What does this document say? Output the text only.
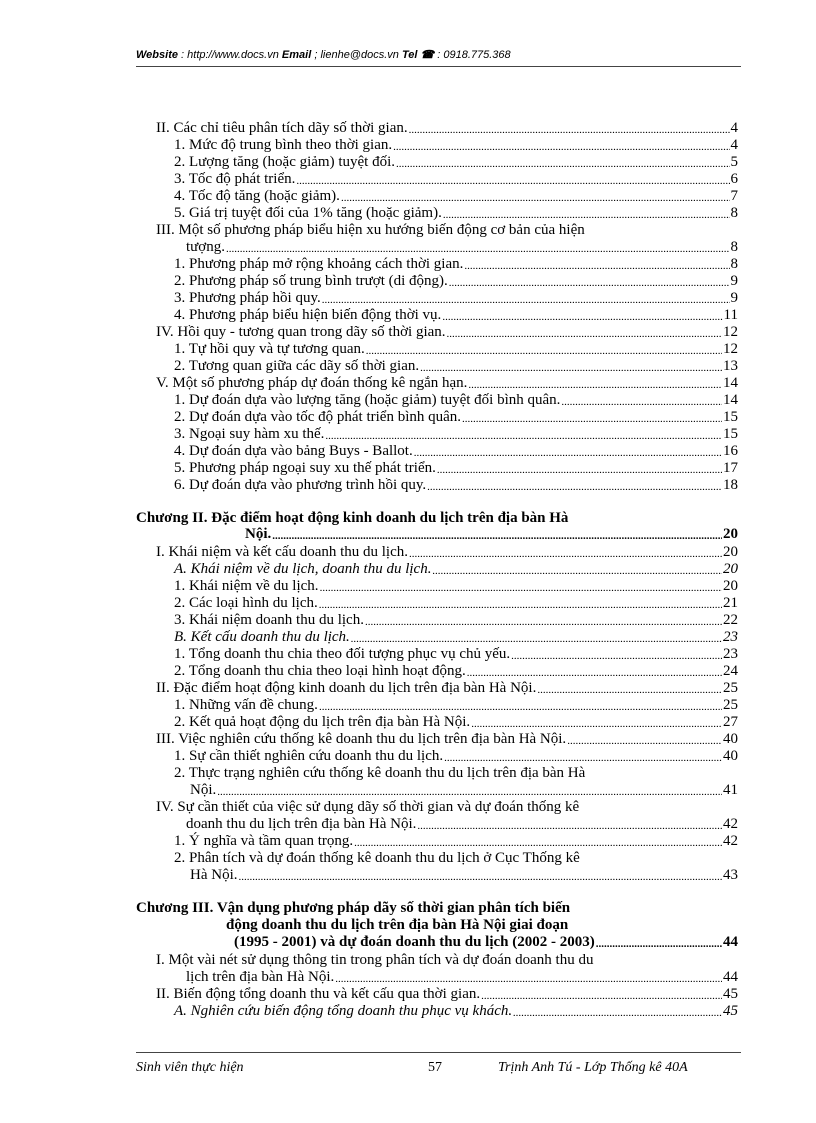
Website : http://www.docs.vn Email ; lienhe@docs.vn Tel ☎ : 0918.775.368
II. Các chỉ tiêu phân tích dãy số thời gian. .....	4
1. Mức độ trung bình theo thời gian. .....	4
2. Lượng tăng (hoặc giảm) tuyệt đối. .....	5
3. Tốc độ phát triển. .....	6
4. Tốc độ tăng (hoặc giảm). .....	7
5. Giá trị tuyệt đối của 1% tăng (hoặc giảm). .....	8
III. Một số phương pháp biểu hiện xu hướng biến động cơ bản của hiện
tượng. .....	8
1. Phương pháp mở rộng khoảng cách thời gian. .....	8
2. Phương pháp số trung bình trượt (di động). .....	9
3. Phương pháp hồi quy. .....	9
4. Phương pháp biểu hiện biến động thời vụ. .....	11
IV. Hồi quy - tương quan trong dãy số thời gian. .....	12
1. Tự hồi quy và tự tương quan. .....	12
2. Tương quan giữa các dãy số thời gian. .....	13
V. Một số phương pháp dự đoán thống kê ngắn hạn. .....	14
1. Dự đoán dựa vào lượng tăng (hoặc giảm) tuyệt đối bình quân. .....	14
2. Dự đoán dựa vào tốc độ phát triển bình quân. .....	15
3. Ngoại suy hàm xu thế. .....	15
4. Dự đoán dựa vào bảng Buys - Ballot. .....	16
5. Phương pháp ngoại suy xu thế phát triển. .....	17
6. Dự đoán dựa vào phương trình hồi quy. .....	18
Chương II. Đặc điểm hoạt động kinh doanh du lịch trên địa bàn Hà
Nội. .....	20
I. Khái niệm và kết cấu doanh thu du lịch. .....	20
A. Khái niệm về du lịch, doanh thu du lịch. .....	20
1. Khái niệm về du lịch. .....	20
2. Các loại hình du lịch. .....	21
3. Khái niệm doanh thu du lịch. .....	22
B. Kết cấu doanh thu du lịch. .....	23
1. Tổng doanh thu chia theo đối tượng phục vụ chủ yếu. .....	23
2. Tổng doanh thu chia theo loại hình hoạt động. .....	24
II. Đặc điểm hoạt động kinh doanh du lịch trên địa bàn Hà Nội. .....	25
1. Những vấn đề chung. .....	25
2. Kết quả hoạt động du lịch trên địa bàn Hà Nội. .....	27
III. Việc nghiên cứu thống kê doanh thu du lịch trên địa bàn Hà Nội. .....	40
1. Sự cần thiết nghiên cứu doanh thu du lịch. .....	40
2. Thực trạng nghiên cứu thống kê doanh thu du lịch trên địa bàn Hà
Nội. .....	41
IV. Sự cần thiết của việc sử dụng dãy số thời gian và dự đoán thống kê
doanh thu du lịch trên địa bàn Hà Nội. .....	42
1. Ý nghĩa và tầm quan trọng. .....	42
2. Phân tích và dự đoán thống kê doanh thu du lịch ở Cục Thống kê
Hà Nội. .....	43
Chương III. Vận dụng phương pháp dãy số thời gian phân tích biến
động doanh thu du lịch trên địa bàn Hà Nội giai đoạn
(1995 - 2001) và dự đoán doanh thu du lịch (2002 - 2003) .....	44
I. Một vài nét sử dụng thông tin trong phân tích và dự đoán doanh thu du
lịch trên địa bàn Hà Nội. .....	44
II. Biến động tổng doanh thu và kết cấu qua thời gian. .....	45
A. Nghiên cứu biến động tổng doanh thu phục vụ khách. .....	45
Sinh viên thực hiện	57	Trịnh Anh Tú - Lớp Thống kê 40A
